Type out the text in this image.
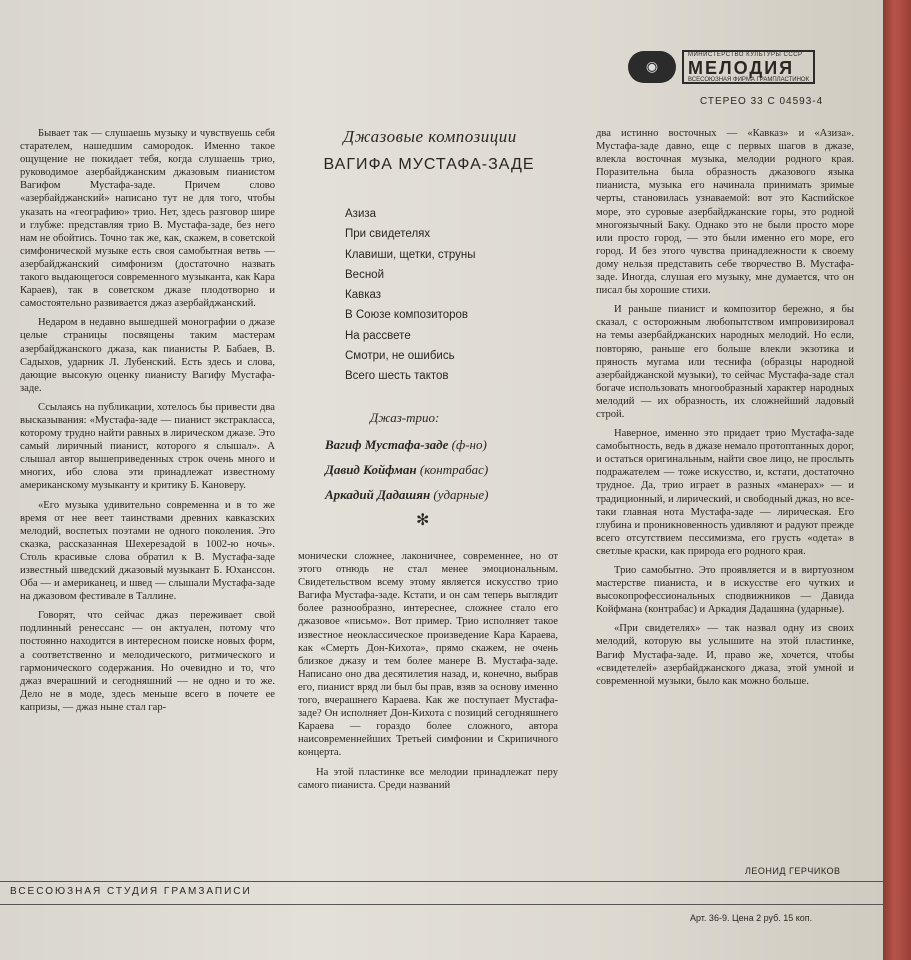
◉
МИНИСТЕРСТВО КУЛЬТУРЫ СССР
МЕЛОДИЯ
ВСЕСОЮЗНАЯ ФИРМА ГРАМПЛАСТИНОК
СТЕРЕО 33 С 04593-4

Бывает так — слушаешь музыку и чувствуешь себя старателем, нашедшим самородок. Именно такое ощущение не покидает тебя, когда слушаешь трио, руководимое азербайджанским джазовым пианистом Вагифом Мустафа-заде. Причем слово «азербайджанский» написано тут не для того, чтобы указать на «географию» трио. Нет, здесь разговор шире и глубже: представляя трио В. Мустафа-заде, без него нам не обойтись. Точно так же, как, скажем, в советской симфонической музыке есть своя самобытная ветвь — азербайджанский симфонизм (достаточно назвать такого выдающегося современного музыканта, как Кара Караев), так в советском джазе плодотворно и самостоятельно развивается джаз азербайджанский.

Недаром в недавно вышедшей монографии о джазе целые страницы посвящены таким мастерам азербайджанского джаза, как пианисты Р. Бабаев, В. Садыхов, ударник Л. Лубенский. Есть здесь и слова, дающие высокую оценку пианисту Вагифу Мустафа-заде.

Ссылаясь на публикации, хотелось бы привести два высказывания: «Мустафа-заде — пианист экстракласса, которому трудно найти равных в лирическом джазе. Это самый лиричный пианист, которого я слышал». А слышал автор вышеприведенных строк очень много и многих, ибо слова эти принадлежат известному американскому музыканту и критику Б. Кановеру.

«Его музыка удивительно современна и в то же время от нее веет таинствами древних кавказских мелодий, воспетых поэтами не одного поколения. Это сказка, рассказанная Шехерезадой в 1002-ю ночь». Столь красивые слова обратил к В. Мустафа-заде известный шведский джазовый музыкант Б. Юханссон. Оба — и американец, и швед — слышали Мустафа-заде на джазовом фестивале в Таллине.

Говорят, что сейчас джаз переживает свой подлинный ренессанс — он актуален, потому что постоянно находится в интересном поиске новых форм, а соответственно и мелодического, ритмического и гармонического содержания. Но очевидно и то, что джаз вчерашний и сегодняшний — не одно и то же. Дело не в моде, здесь меньше всего в почете ее капризы, — джаз ныне стал гар-

Джазовые композиции
ВАГИФА МУСТАФА-ЗАДЕ
Азиза
При свидетелях
Клавиши, щетки, струны
Весной
Кавказ
В Союзе композиторов
На рассвете
Смотри, не ошибись
Всего шесть тактов
Джаз-трио:
Вагиф Мустафа-заде (ф-но)
Давид Койфман (контрабас)
Аркадий Дадашян (ударные)
✻

монически сложнее, лаконичнее, современнее, но от этого отнюдь не стал менее эмоциональным. Свидетельством всему этому является искусство трио Вагифа Мустафа-заде. Кстати, и он сам теперь выглядит более разнообразно, интереснее, сложнее стало его джазовое «письмо». Вот пример. Трио исполняет такое известное неоклассическое произведение Кара Караева, как «Смерть Дон-Кихота», прямо скажем, не очень близкое джазу и тем более манере В. Мустафа-заде. Написано оно два десятилетия назад, и, конечно, выбрав его, пианист вряд ли был бы прав, взяв за основу именно того, вчерашнего Караева. Как же поступает Мустафа-заде? Он исполняет Дон-Кихота с позиций сегодняшнего Караева — гораздо более сложного, автора наисовременнейших Третьей симфонии и Скрипичного концерта.

На этой пластинке все мелодии принадлежат перу самого пианиста. Среди названий

два истинно восточных — «Кавказ» и «Азиза». Мустафа-заде давно, еще с первых шагов в джазе, влекла восточная музыка, мелодии родного края. Поразительна была образность джазового языка пианиста, музыка его начинала принимать зримые черты, становилась узнаваемой: вот это Каспийское море, это суровые азербайджанские горы, это родной многоязычный Баку. Однако это не были просто море или просто город, — это были именно его море, его город. И без этого чувства принадлежности к своему дому нельзя представить себе творчество В. Мустафа-заде. Иногда, слушая его музыку, мне думается, что он писал бы хорошие стихи.

И раньше пианист и композитор бережно, я бы сказал, с осторожным любопытством импровизировал на темы азербайджанских народных мелодий. Но если, повторяю, раньше его больше влекли экзотика и пряность мугама или теснифа (образцы народной азербайджанской музыки), то сейчас Мустафа-заде стал богаче использовать многообразный характер народных мелодий — их образность, их сложнейший ладовый строй.

Наверное, именно это придает трио Мустафа-заде самобытность, ведь в джазе немало протоптанных дорог, и остаться оригинальным, найти свое лицо, не прослыть подражателем — тоже искусство, и, кстати, достаточно трудное. Да, трио играет в разных «манерах» — и традиционный, и лирический, и свободный джаз, но все-таки главная нота Мустафа-заде — лирическая. Его глубина и проникновенность удивляют и радуют прежде всего отсутствием пессимизма, его грусть «одета» в светлые краски, как природа его родного края.

Трио самобытно. Это проявляется и в виртуозном мастерстве пианиста, и в искусстве его чутких и высокопрофессиональных сподвижников — Давида Койфмана (контрабас) и Аркадия Дадашяна (ударные).

«При свидетелях» — так назвал одну из своих мелодий, которую вы услышите на этой пластинке, Вагиф Мустафа-заде. И, право же, хочется, чтобы «свидетелей» азербайджанского джаза, этой умной и современной музыки, было как можно больше.

ЛЕОНИД ГЕРЧИКОВ
ВСЕСОЮЗНАЯ СТУДИЯ ГРАМЗАПИСИ
Арт. 36-9. Цена 2 руб. 15 коп.
